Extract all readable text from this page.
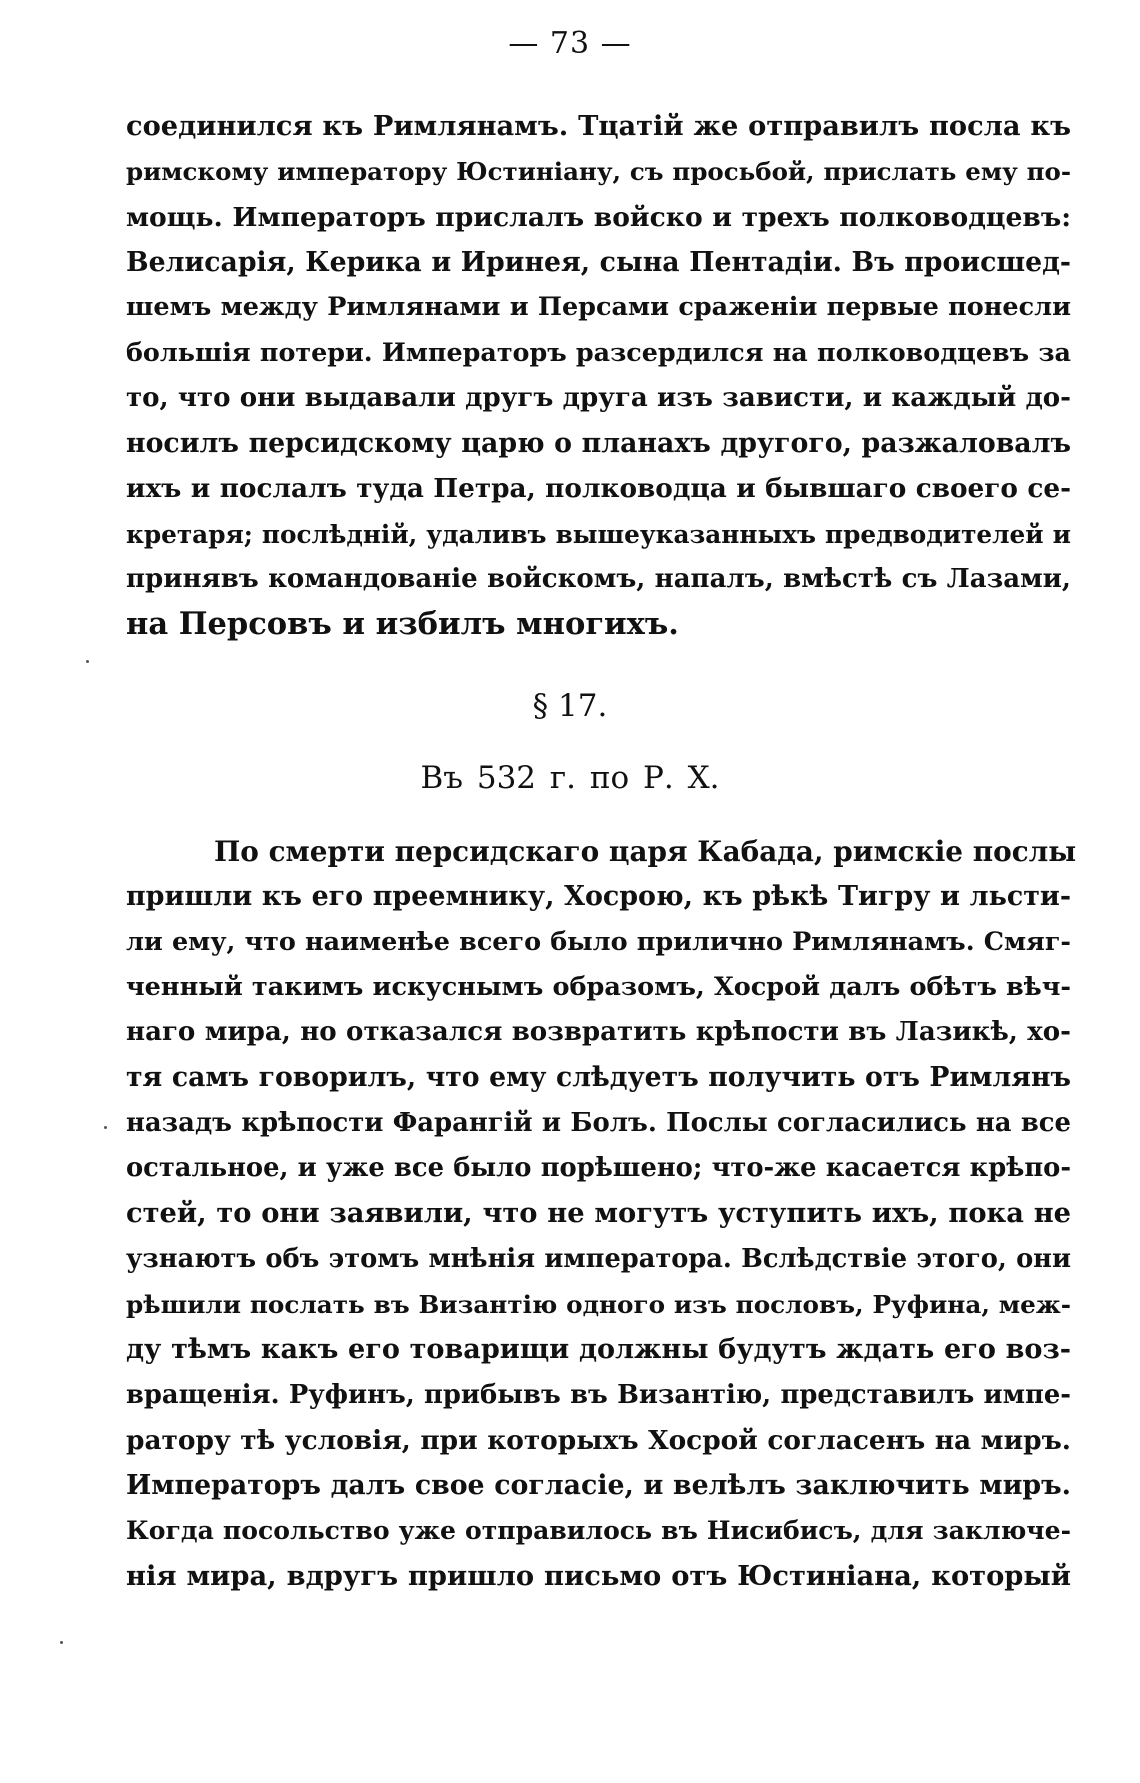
— 73 —
соединился къ Римлянамъ. Тцатій же отправилъ посла къ
римскому императору Юстиніану, съ просьбой, прислать ему по-
мощь. Императоръ прислалъ войско и трехъ полководцевъ:
Велисарія, Керика и Иринея, сына Пентадіи. Въ происшед-
шемъ между Римлянами и Персами сраженіи первые понесли
большія потери. Императоръ разсердился на полководцевъ за
то, что они выдавали другъ друга изъ зависти, и каждый до-
носилъ персидскому царю о планахъ другого, разжаловалъ
ихъ и послалъ туда Петра, полководца и бывшаго своего се-
кретаря; послѣдній, удаливъ вышеуказанныхъ предводителей и
принявъ командованіе войскомъ, напалъ, вмѣстѣ съ Лазами,
на Персовъ и избилъ многихъ.
§ 17.
Въ 532 г. по Р. Х.
По смерти персидскаго царя Кабада, римскіе послы
пришли къ его преемнику, Хосрою, къ рѣкѣ Тигру и льсти-
ли ему, что наименѣе всего было прилично Римлянамъ. Смяг-
ченный такимъ искуснымъ образомъ, Хосрой далъ обѣтъ вѣч-
наго мира, но отказался возвратить крѣпости въ Лазикѣ, хо-
тя самъ говорилъ, что ему слѣдуетъ получить отъ Римлянъ
назадъ крѣпости Фарангій и Болъ. Послы согласились на все
остальное, и уже все было порѣшено; что-же касается крѣпо-
стей, то они заявили, что не могутъ уступить ихъ, пока не
узнаютъ объ этомъ мнѣнія императора. Вслѣдствіе этого, они
рѣшили послать въ Византію одного изъ пословъ, Руфина, меж-
ду тѣмъ какъ его товарищи должны будутъ ждать его воз-
вращенія. Руфинъ, прибывъ въ Византію, представилъ импе-
ратору тѣ условія, при которыхъ Хосрой согласенъ на миръ.
Императоръ далъ свое согласіе, и велѣлъ заключить миръ.
Когда посольство уже отправилось въ Нисибисъ, для заключе-
нія мира, вдругъ пришло письмо отъ Юстиніана, который
